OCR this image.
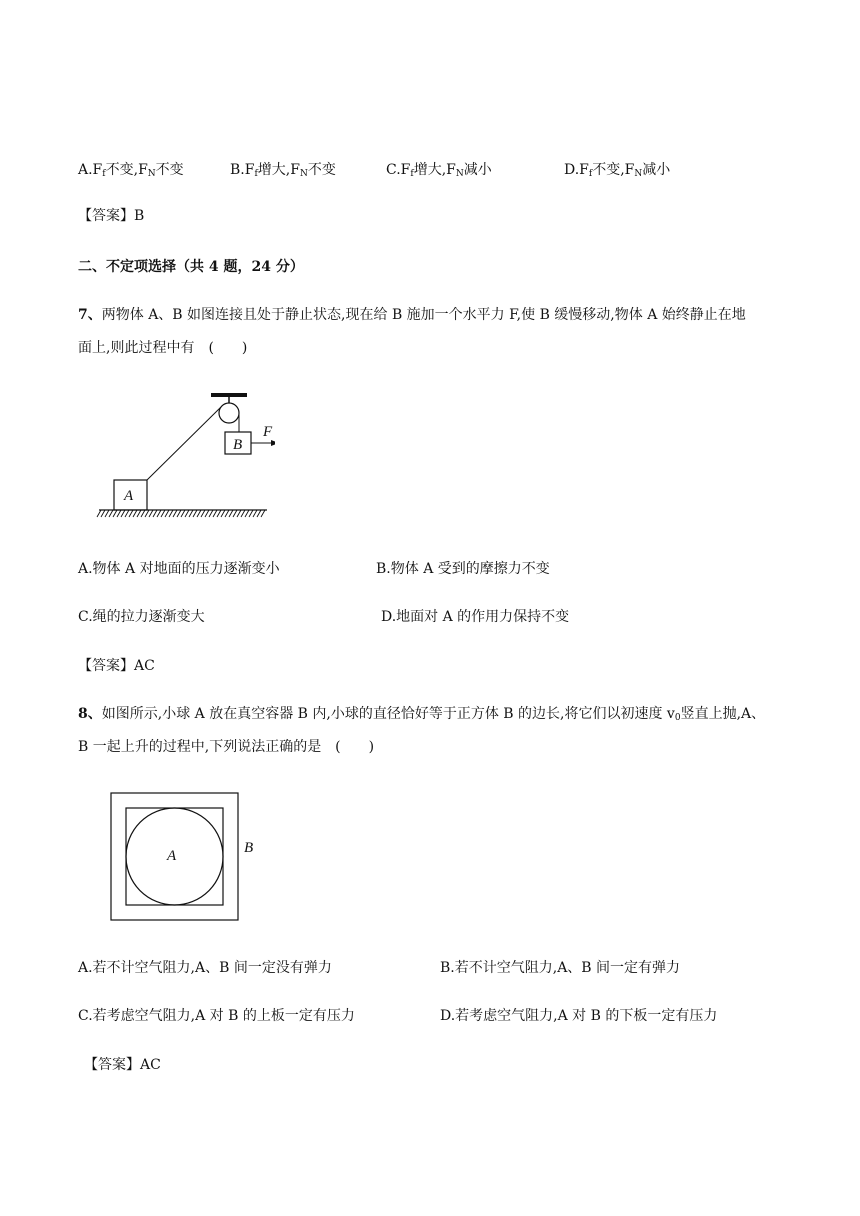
$A.F_f$不变$,F_N$不变	$B.F_f$增大$,F_N$不变	$C.F_f$增大$,F_N$减小	$D.F_f$不变$,F_N$减小
【答案】B
二、不定项选择（共 4 题，24 分）
7、两物体 A、B 如图连接且处于静止状态,现在给 B 施加一个水平力 F,使 B 缓慢移动,物体 A 始终静止在地
面上,则此过程中有　(　　)
B
F
A
A.物体 A 对地面的压力逐渐变小	B.物体 A 受到的摩擦力不变
C.绳的拉力逐渐变大	D.地面对 A 的作用力保持不变
【答案】AC
8、如图所示,小球 A 放在真空容器 B 内,小球的直径恰好等于正方体 B 的边长,将它们以初速度 $v_0$竖直上抛,A、
B 一起上升的过程中,下列说法正确的是　(　　)
A	B
A.若不计空气阻力,A、B 间一定没有弹力	B.若不计空气阻力,A、B 间一定有弹力
C.若考虑空气阻力,A 对 B 的上板一定有压力	D.若考虑空气阻力,A 对 B 的下板一定有压力
【答案】AC
